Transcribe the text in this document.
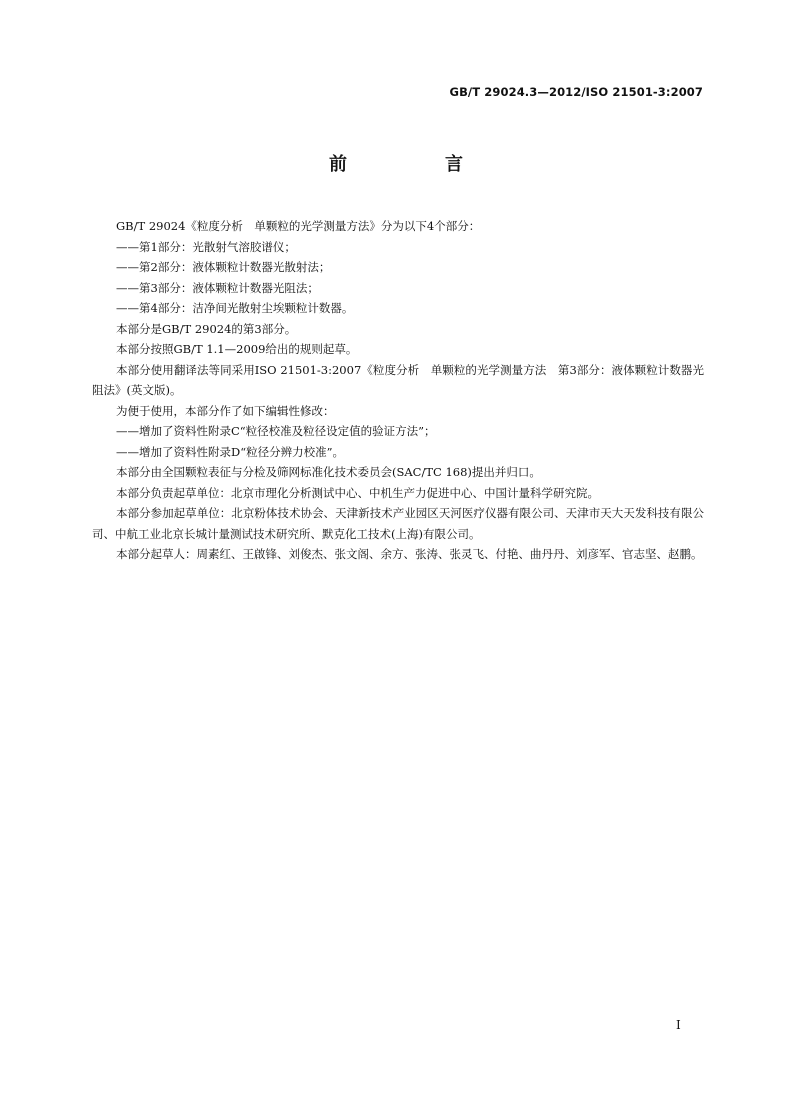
GB/T 29024.3—2012/ISO 21501-3:2007
前　言

GB/T 29024《粒度分析　单颗粒的光学测量方法》分为以下4个部分：

——第1部分：光散射气溶胶谱仪；

——第2部分：液体颗粒计数器光散射法；

——第3部分：液体颗粒计数器光阻法；

——第4部分：洁净间光散射尘埃颗粒计数器。

本部分是GB/T 29024的第3部分。

本部分按照GB/T 1.1—2009给出的规则起草。

本部分使用翻译法等同采用ISO 21501-3:2007《粒度分析　单颗粒的光学测量方法　第3部分：液体颗粒计数器光阻法》(英文版)。

为便于使用，本部分作了如下编辑性修改：

——增加了资料性附录C“粒径校准及粒径设定值的验证方法”；

——增加了资料性附录D“粒径分辨力校准”。

本部分由全国颗粒表征与分检及筛网标准化技术委员会(SAC/TC 168)提出并归口。

本部分负责起草单位：北京市理化分析测试中心、中机生产力促进中心、中国计量科学研究院。

本部分参加起草单位：北京粉体技术协会、天津新技术产业园区天河医疗仪器有限公司、天津市天大天发科技有限公司、中航工业北京长城计量测试技术研究所、默克化工技术(上海)有限公司。

本部分起草人：周素红、王啟锋、刘俊杰、张文阁、余方、张涛、张灵飞、付艳、曲丹丹、刘彦军、官志坚、赵鹏。

I
